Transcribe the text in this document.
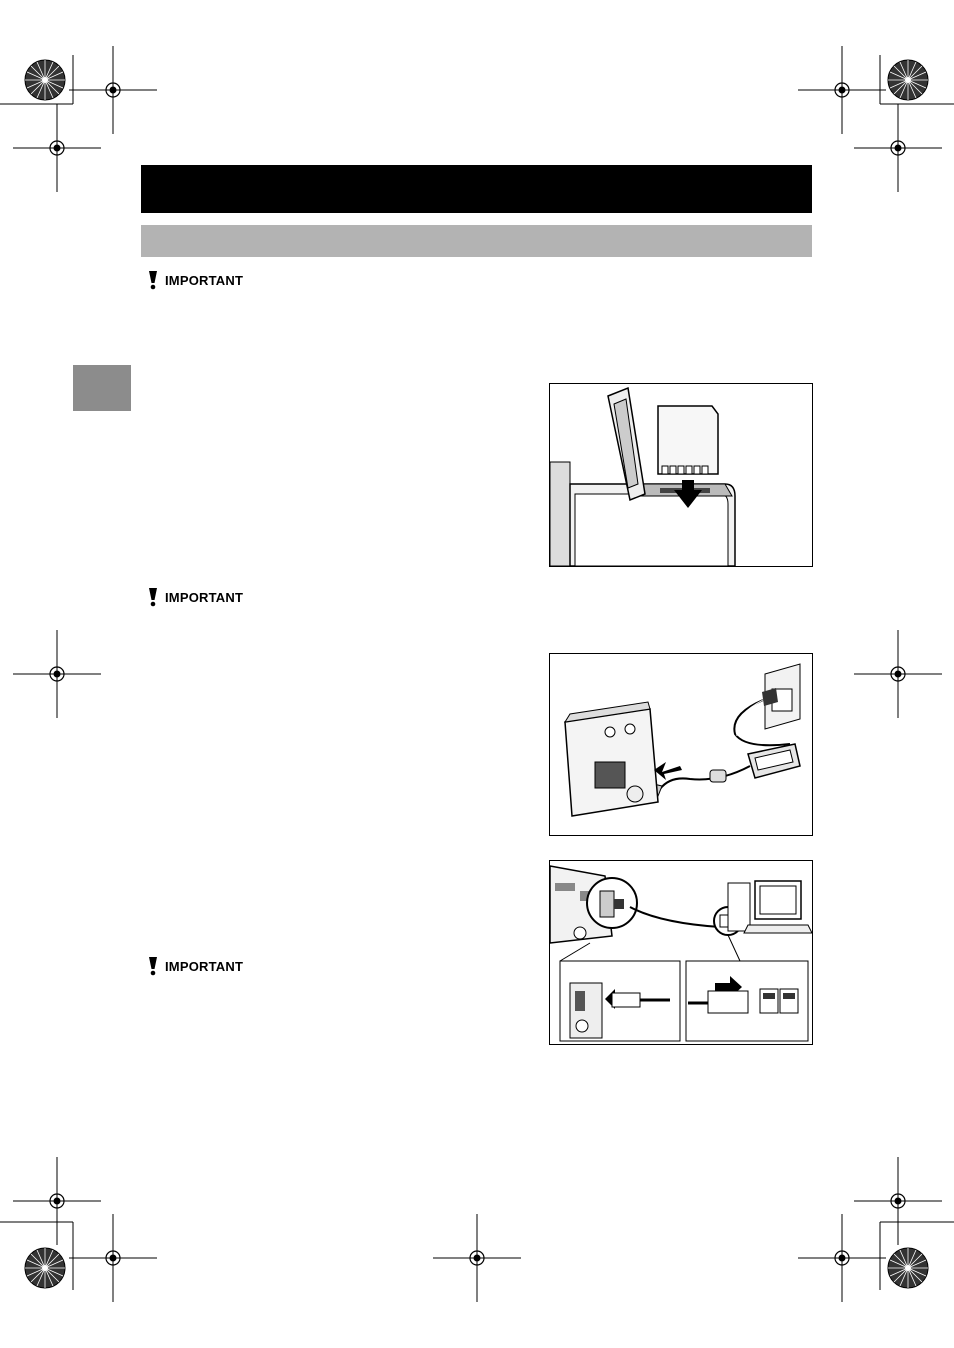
IMPORTANT
IMPORTANT
IMPORTANT
